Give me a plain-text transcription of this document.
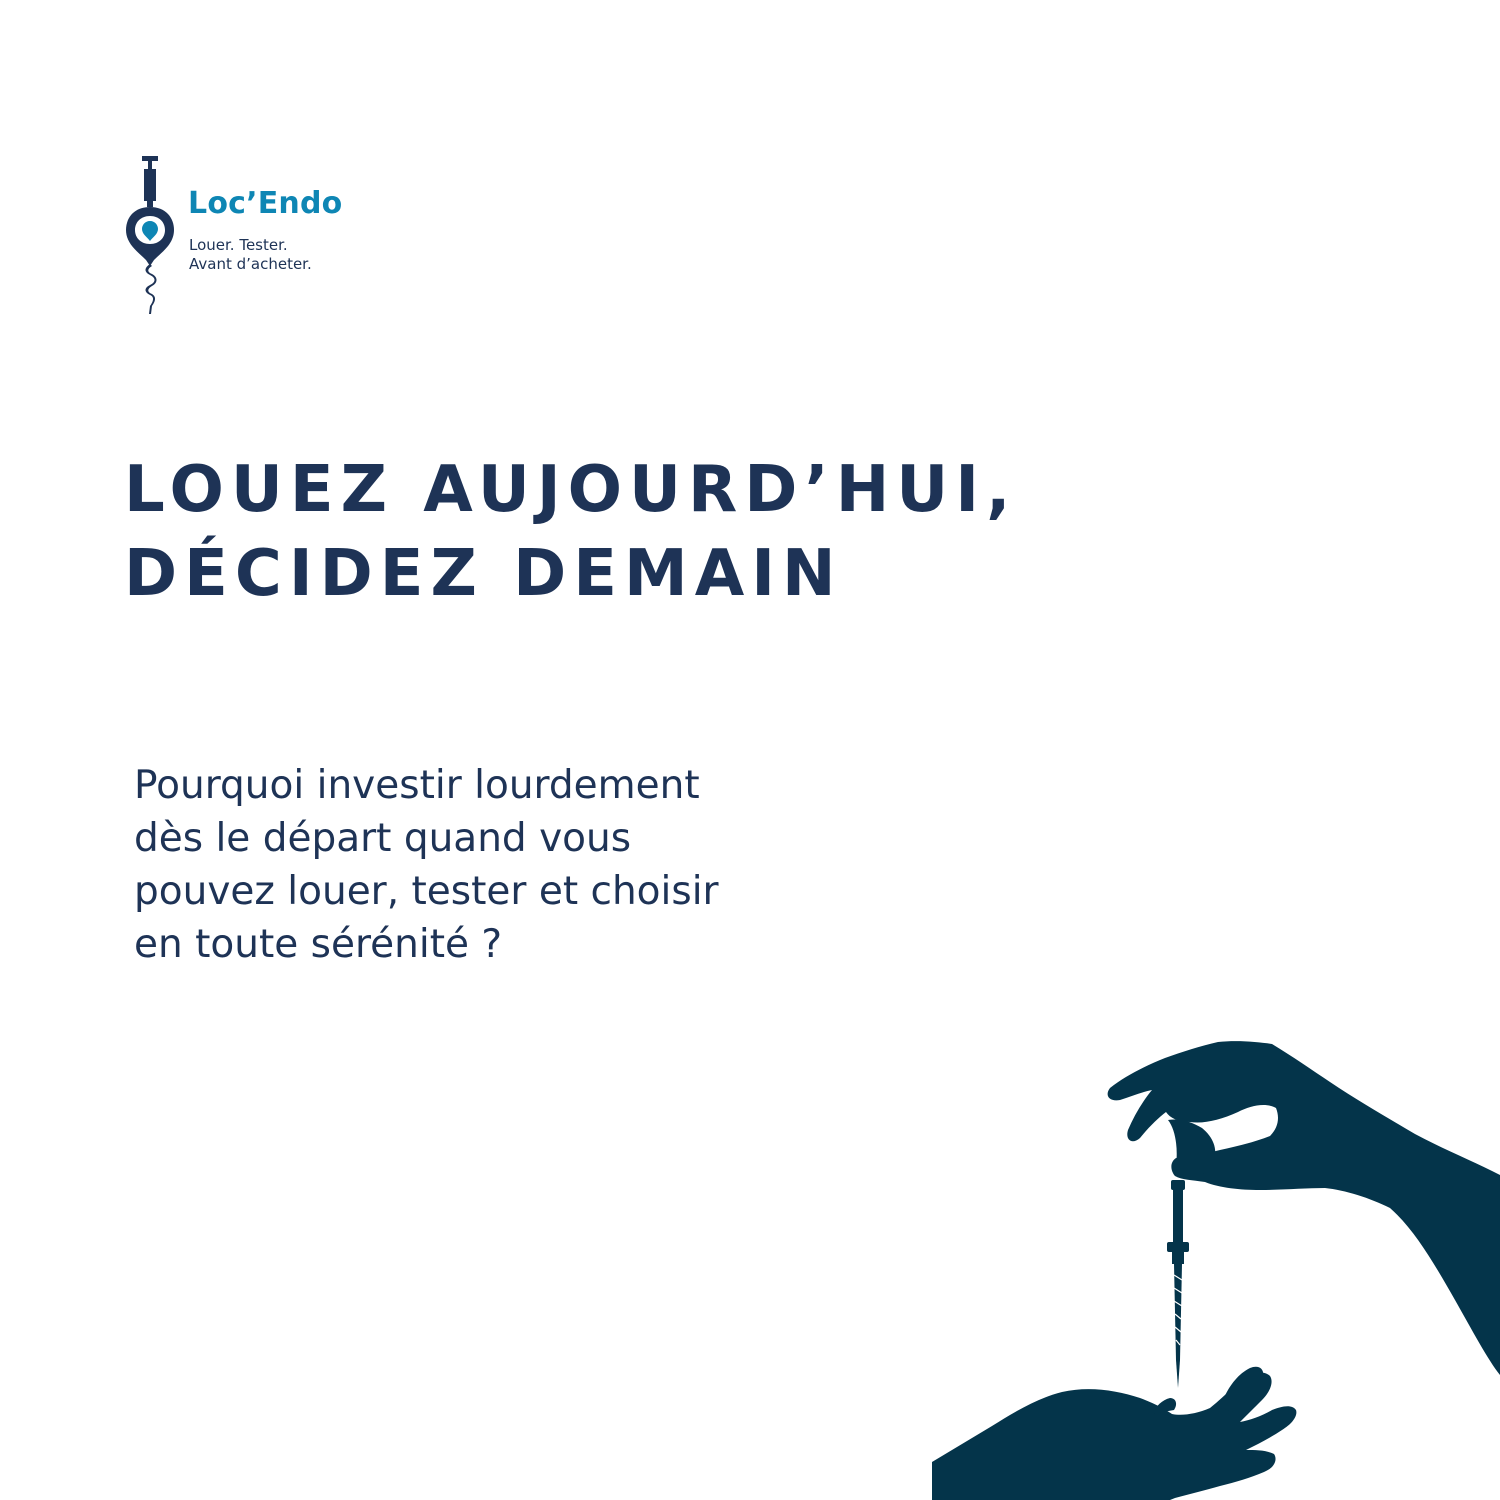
Loc’Endo
Louer. Tester.
Avant d’acheter.
LOUEZ AUJOURD’HUI,
DÉCIDEZ DEMAIN

Pourquoi investir lourdement
dès le départ quand vous
pouvez louer, tester et choisir
en toute sérénité ?
